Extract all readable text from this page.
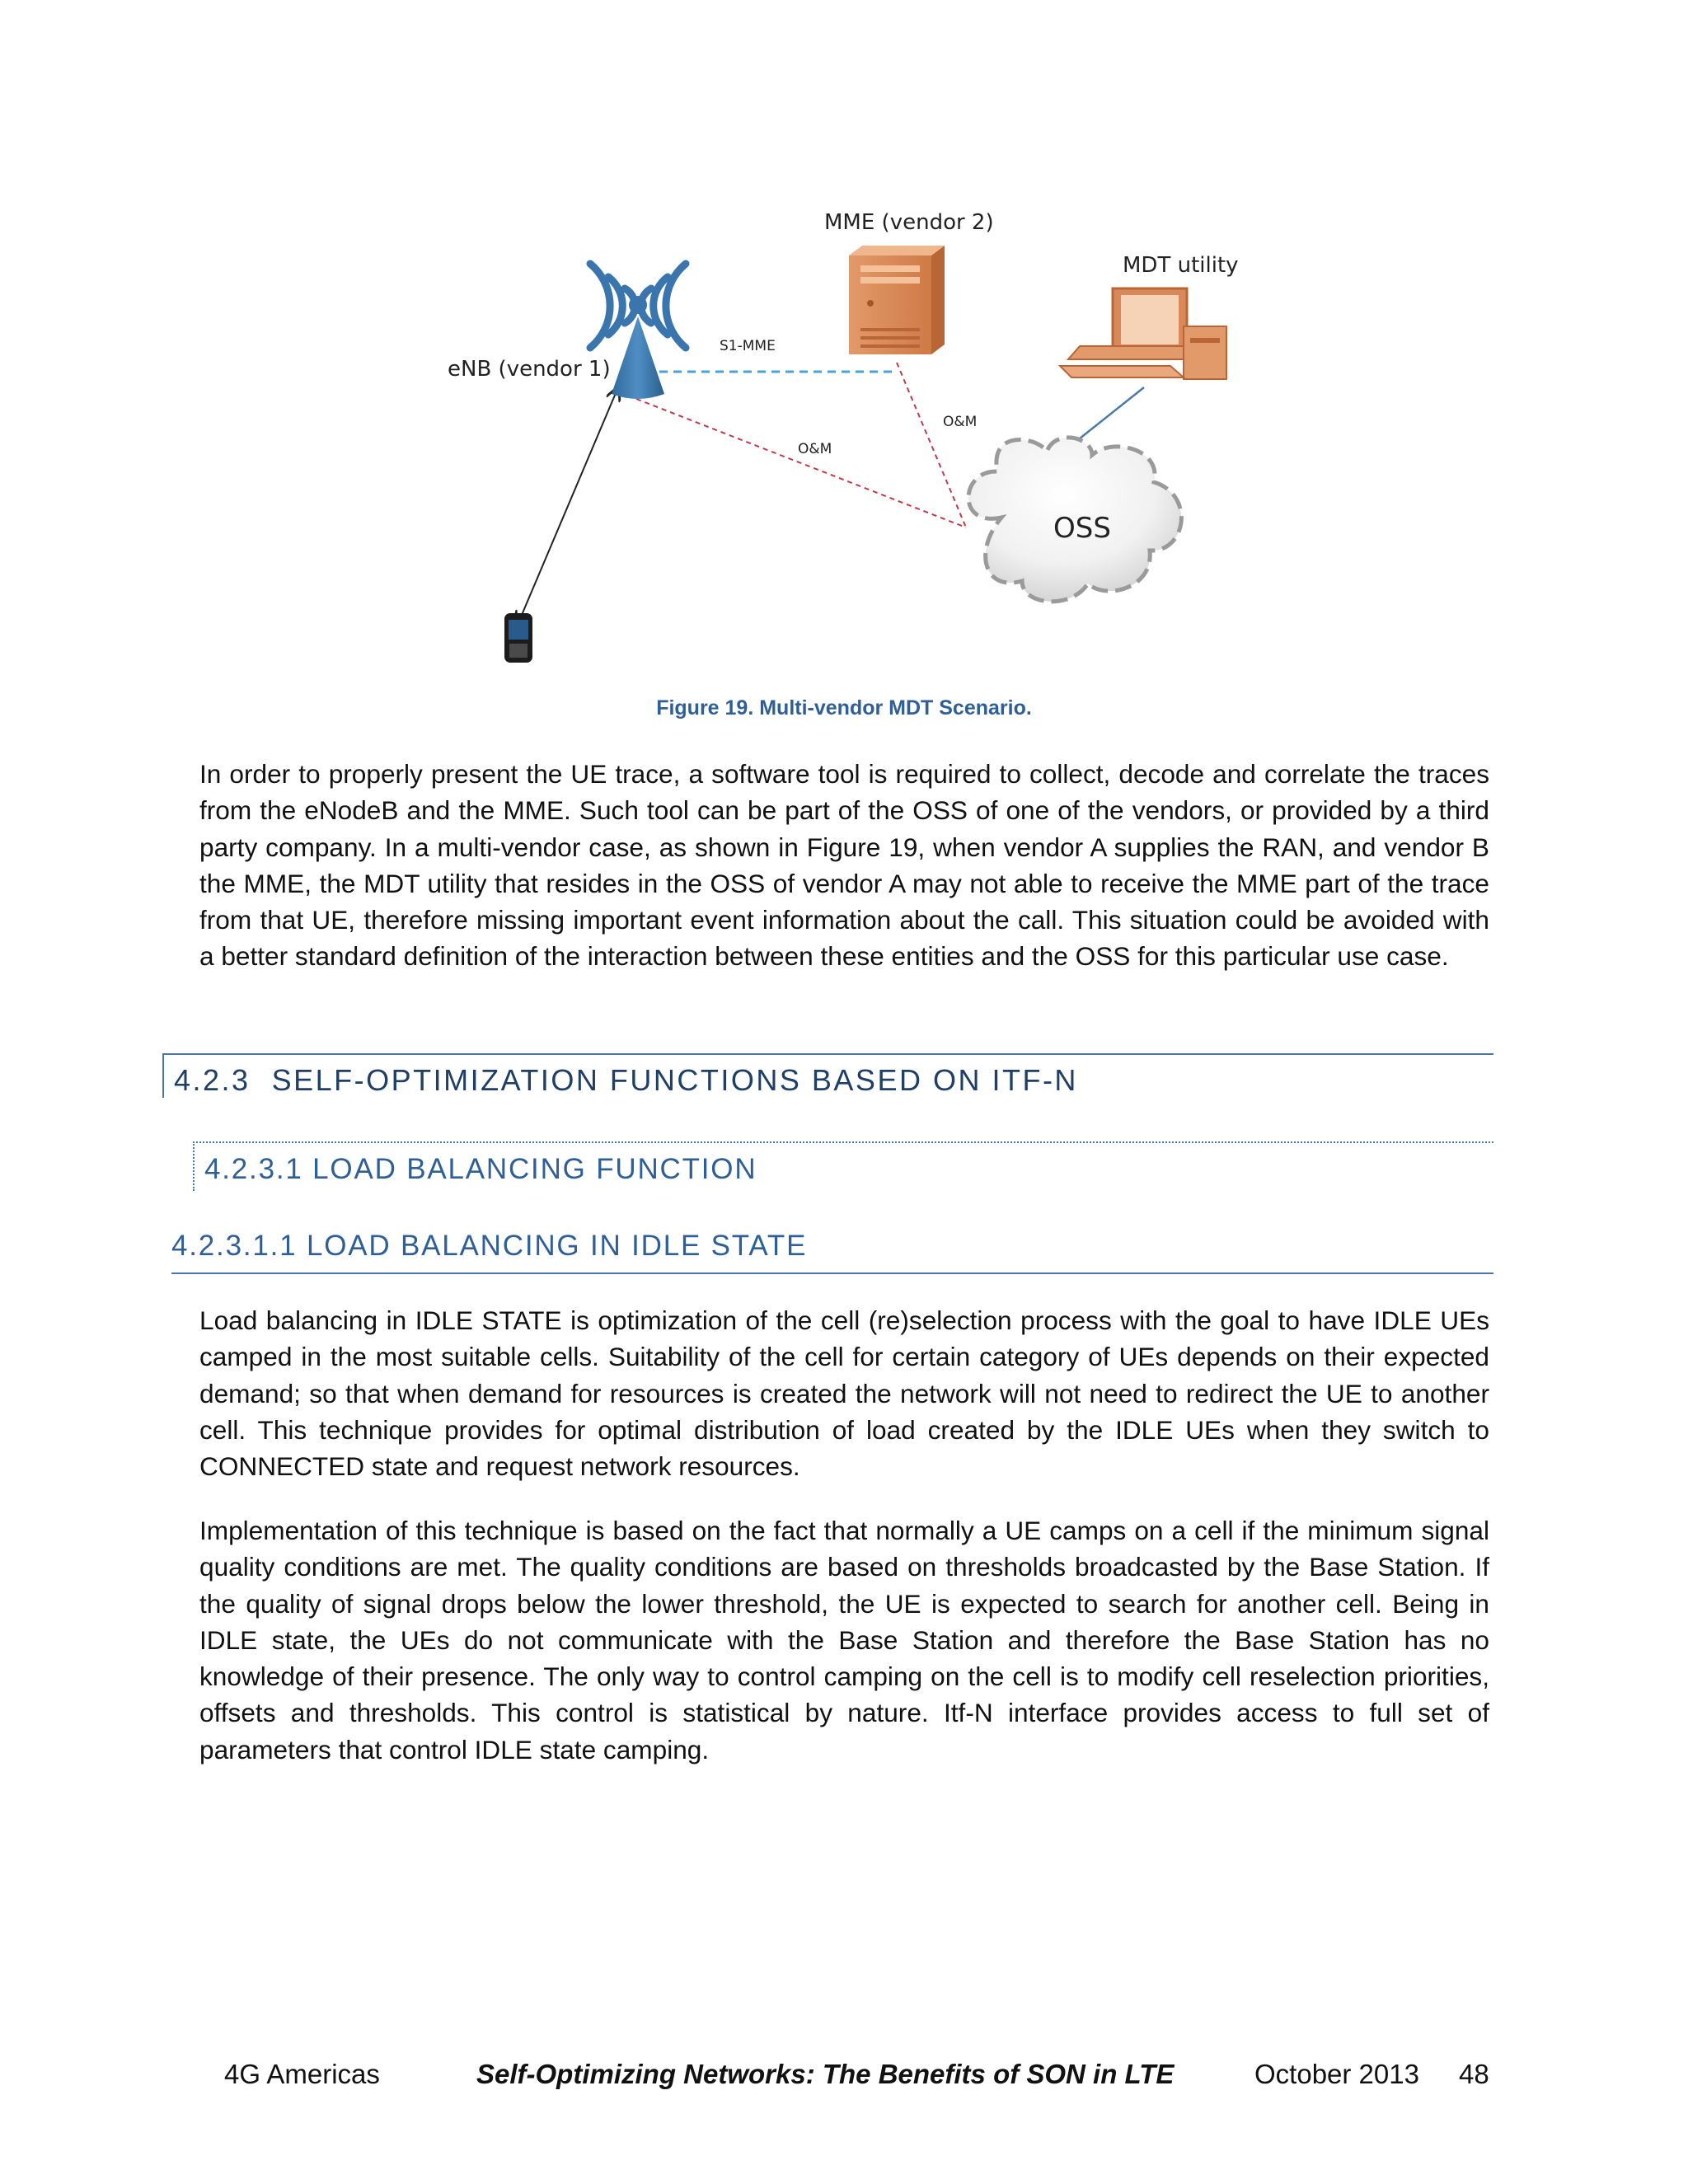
MME (vendor 2)
MDT utility
eNB (vendor 1)
S1-MME
O&M
O&M
OSS
Figure 19. Multi-vendor MDT Scenario.

In order to properly present the UE trace, a software tool is required to collect, decode and correlate the traces from the eNodeB and the MME. Such tool can be part of the OSS of one of the vendors, or provided by a third party company. In a multi-vendor case, as shown in Figure 19, when vendor A supplies the RAN, and vendor B the MME, the MDT utility that resides in the OSS of vendor A may not able to receive the MME part of the trace from that UE, therefore missing important event information about the call. This situation could be avoided with a better standard definition of the interaction between these entities and the OSS for this particular use case.

4.2.3 SELF-OPTIMIZATION FUNCTIONS BASED ON ITF-N
4.2.3.1 LOAD BALANCING FUNCTION
4.2.3.1.1 LOAD BALANCING IN IDLE STATE

Load balancing in IDLE STATE is optimization of the cell (re)selection process with the goal to have IDLE UEs camped in the most suitable cells. Suitability of the cell for certain category of UEs depends on their expected demand; so that when demand for resources is created the network will not need to redirect the UE to another cell. This technique provides for optimal distribution of load created by the IDLE UEs when they switch to CONNECTED state and request network resources.

Implementation of this technique is based on the fact that normally a UE camps on a cell if the minimum signal quality conditions are met. The quality conditions are based on thresholds broadcasted by the Base Station. If the quality of signal drops below the lower threshold, the UE is expected to search for another cell. Being in IDLE state, the UEs do not communicate with the Base Station and therefore the Base Station has no knowledge of their presence. The only way to control camping on the cell is to modify cell reselection priorities, offsets and thresholds. This control is statistical by nature. Itf-N interface provides access to full set of parameters that control IDLE state camping.

4G Americas	Self-Optimizing Networks: The Benefits of SON in LTE	October 2013 48
